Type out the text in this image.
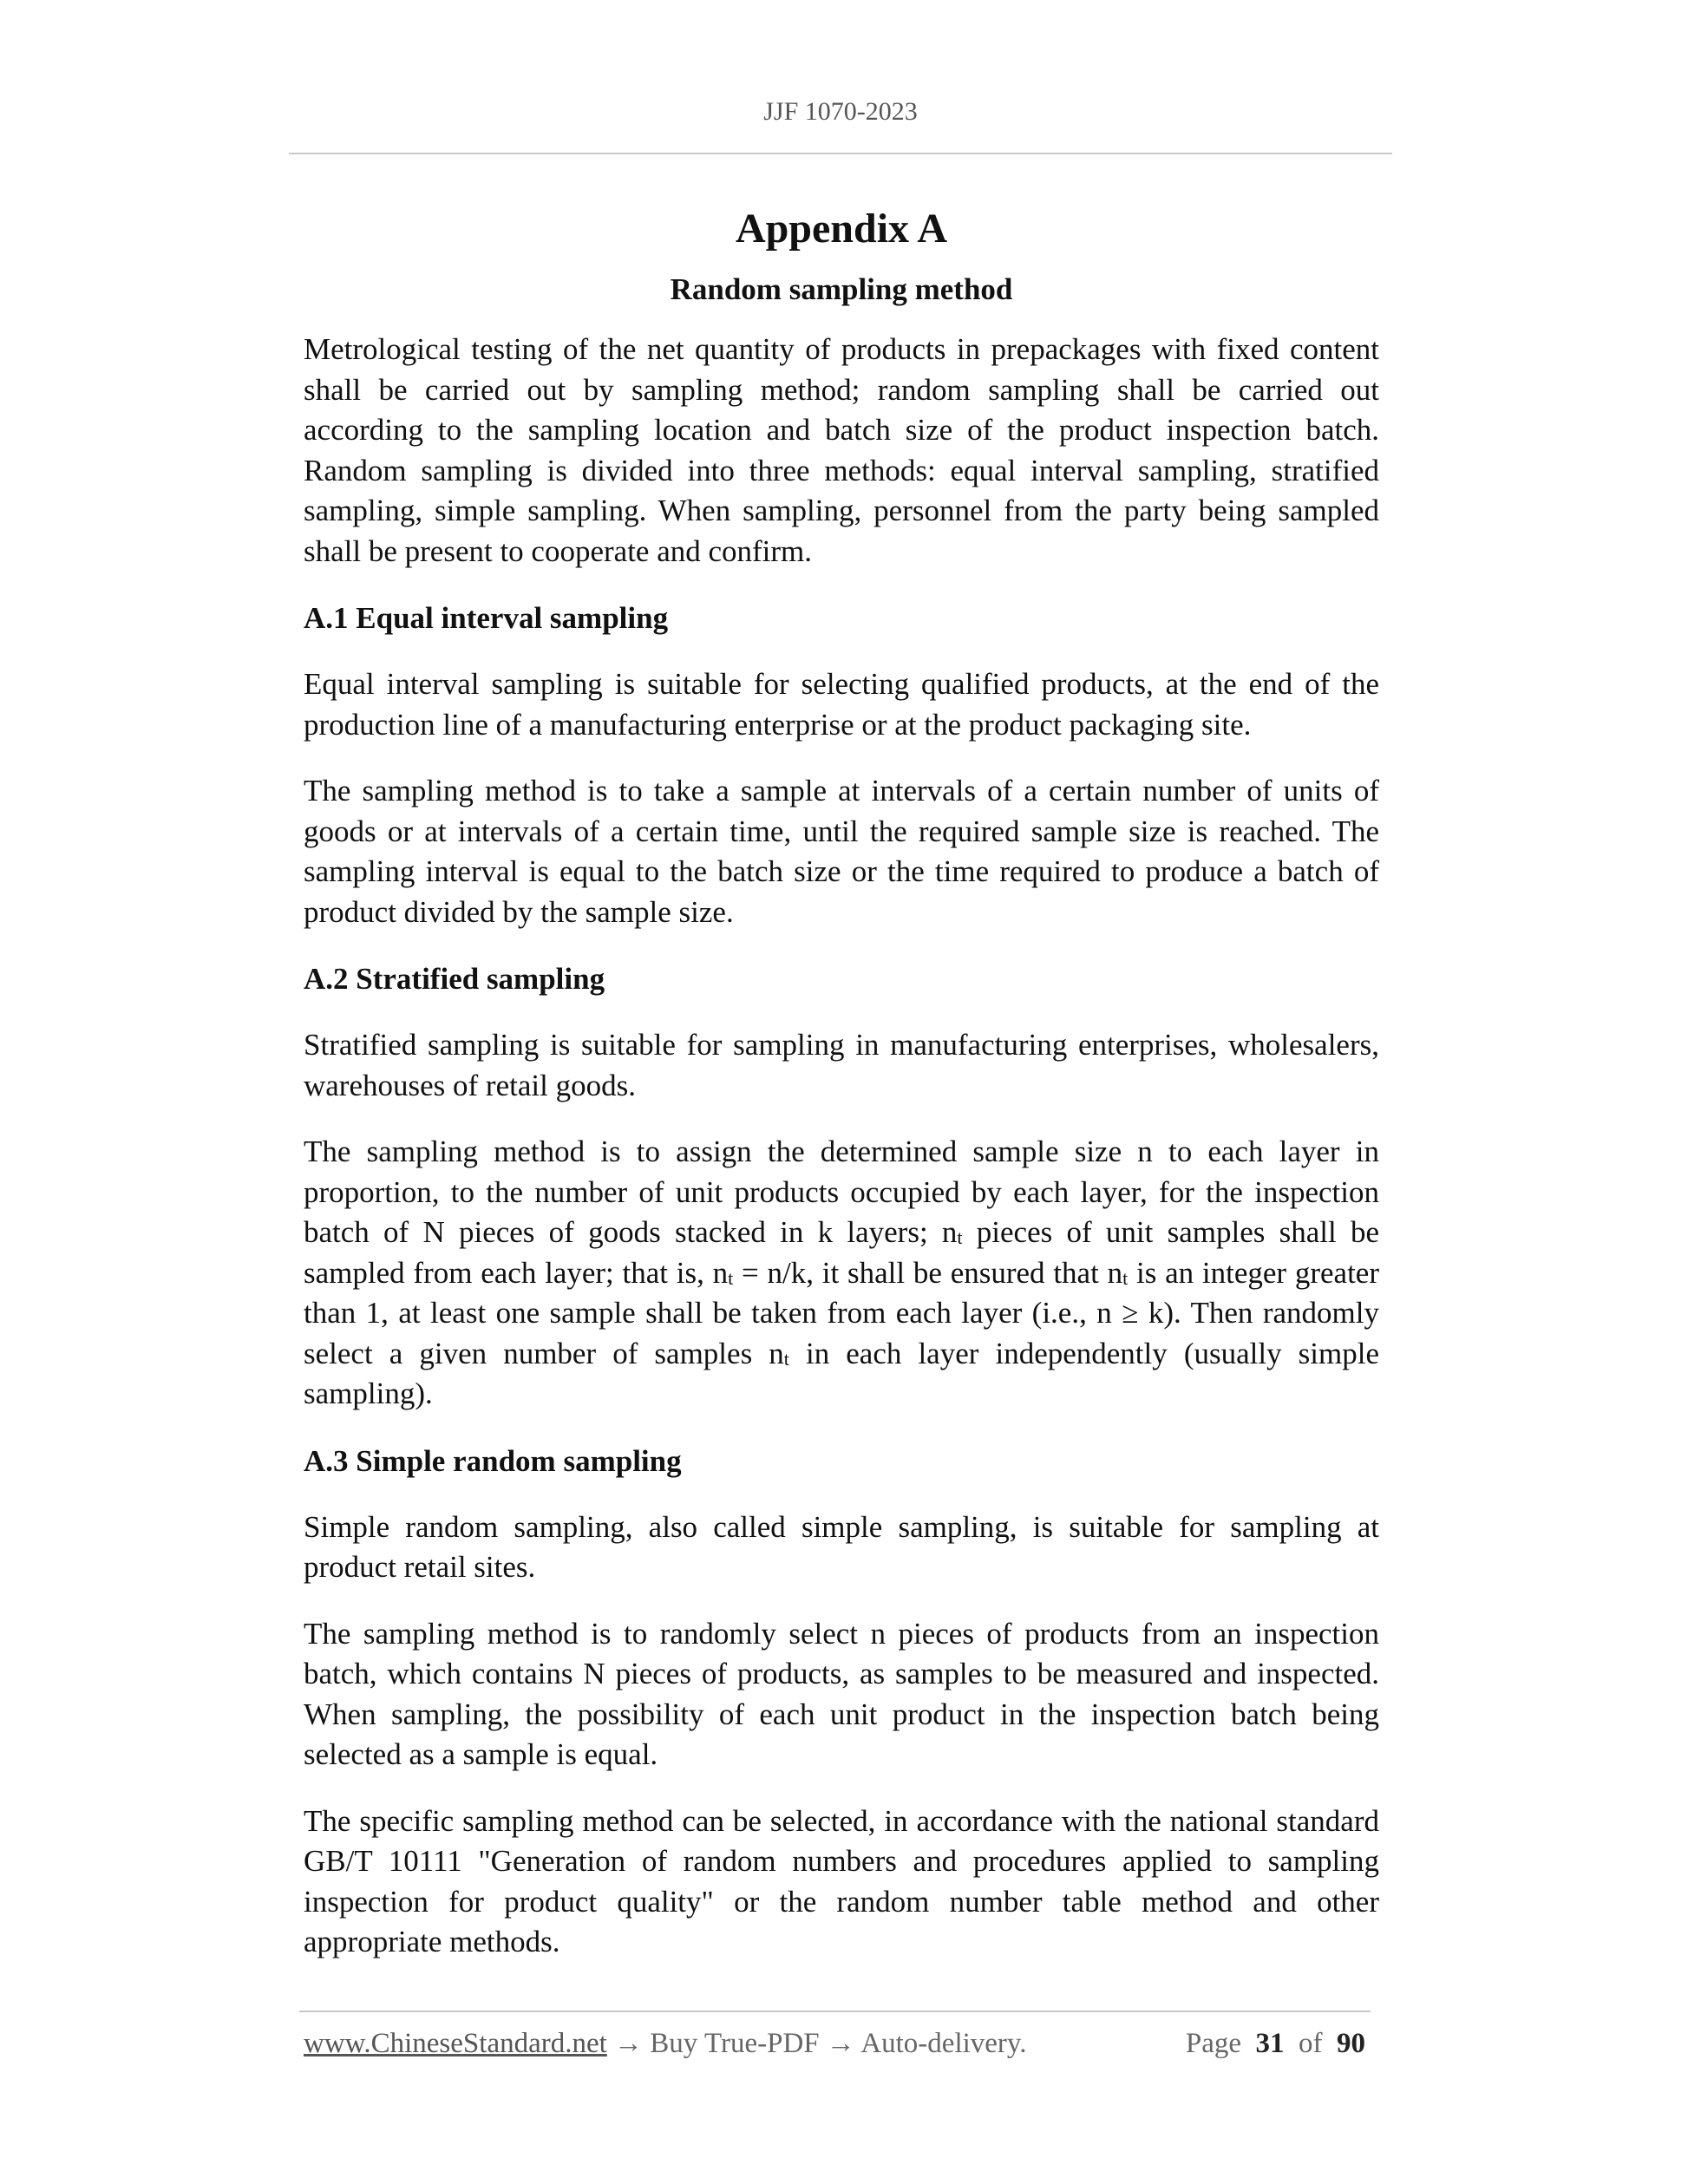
JJF 1070-2023
Appendix A
Random sampling method

Metrological testing of the net quantity of products in prepackages with fixed content shall be carried out by sampling method; random sampling shall be carried out according to the sampling location and batch size of the product inspection batch. Random sampling is divided into three methods: equal interval sampling, stratified sampling, simple sampling. When sampling, personnel from the party being sampled shall be present to cooperate and confirm.

A.1 Equal interval sampling

Equal interval sampling is suitable for selecting qualified products, at the end of the production line of a manufacturing enterprise or at the product packaging site.

The sampling method is to take a sample at intervals of a certain number of units of goods or at intervals of a certain time, until the required sample size is reached. The sampling interval is equal to the batch size or the time required to produce a batch of product divided by the sample size.

A.2 Stratified sampling

Stratified sampling is suitable for sampling in manufacturing enterprises, wholesalers, warehouses of retail goods.

The sampling method is to assign the determined sample size n to each layer in proportion, to the number of unit products occupied by each layer, for the inspection batch of N pieces of goods stacked in k layers; $n_t$ pieces of unit samples shall be sampled from each layer; that is, $n_t = n/k$, it shall be ensured that $n_t$ is an integer greater than 1, at least one sample shall be taken from each layer (i.e., n ≥ k). Then randomly select a given number of samples $n_t$ in each layer independently (usually simple sampling).

A.3 Simple random sampling

Simple random sampling, also called simple sampling, is suitable for sampling at product retail sites.

The sampling method is to randomly select n pieces of products from an inspection batch, which contains N pieces of products, as samples to be measured and inspected. When sampling, the possibility of each unit product in the inspection batch being selected as a sample is equal.

The specific sampling method can be selected, in accordance with the national standard GB/T 10111 "Generation of random numbers and procedures applied to sampling inspection for product quality" or the random number table method and other appropriate methods.

www.ChineseStandard.net → Buy True-PDF → Auto-delivery.	Page 31 of 90
